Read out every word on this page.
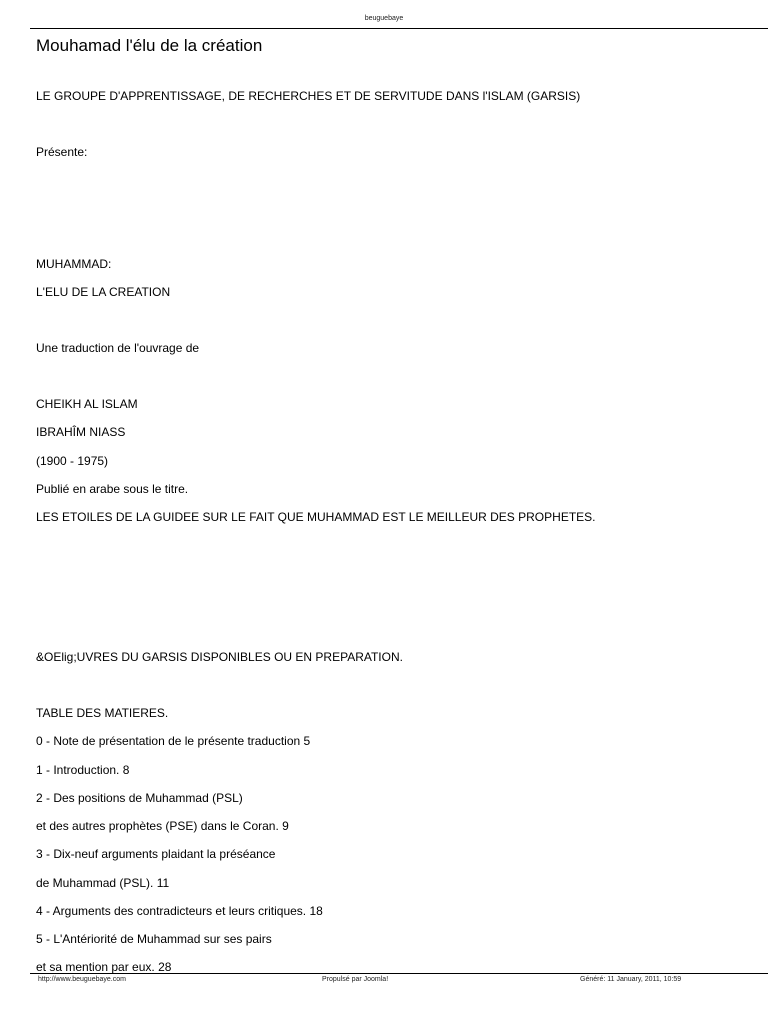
beuguebaye
Mouhamad l'élu de la création
LE GROUPE D'APPRENTISSAGE, DE RECHERCHES ET DE SERVITUDE DANS l'ISLAM (GARSIS)
Présente:
MUHAMMAD:
L'ELU DE LA CREATION
Une traduction de l'ouvrage de
CHEIKH AL ISLAM
IBRAHÎM NIASS
(1900 - 1975)
Publié en arabe sous le titre.
LES ETOILES DE LA GUIDEE SUR LE FAIT QUE MUHAMMAD EST LE MEILLEUR DES PROPHETES.
&OElig;UVRES DU GARSIS DISPONIBLES OU EN PREPARATION.
TABLE DES MATIERES.
0 - Note de présentation de le présente traduction 5
1 - Introduction. 8
2 - Des positions de Muhammad (PSL)
et des autres prophètes (PSE) dans le Coran. 9
3 - Dix-neuf arguments plaidant la préséance
de Muhammad (PSL). 11
4 - Arguments des contradicteurs et leurs critiques. 18
5 - L'Antériorité de Muhammad sur ses pairs
et sa mention par eux. 28
http://www.beuguebaye.com	Propulsé par Joomla!	Généré: 11 January, 2011, 10:59
